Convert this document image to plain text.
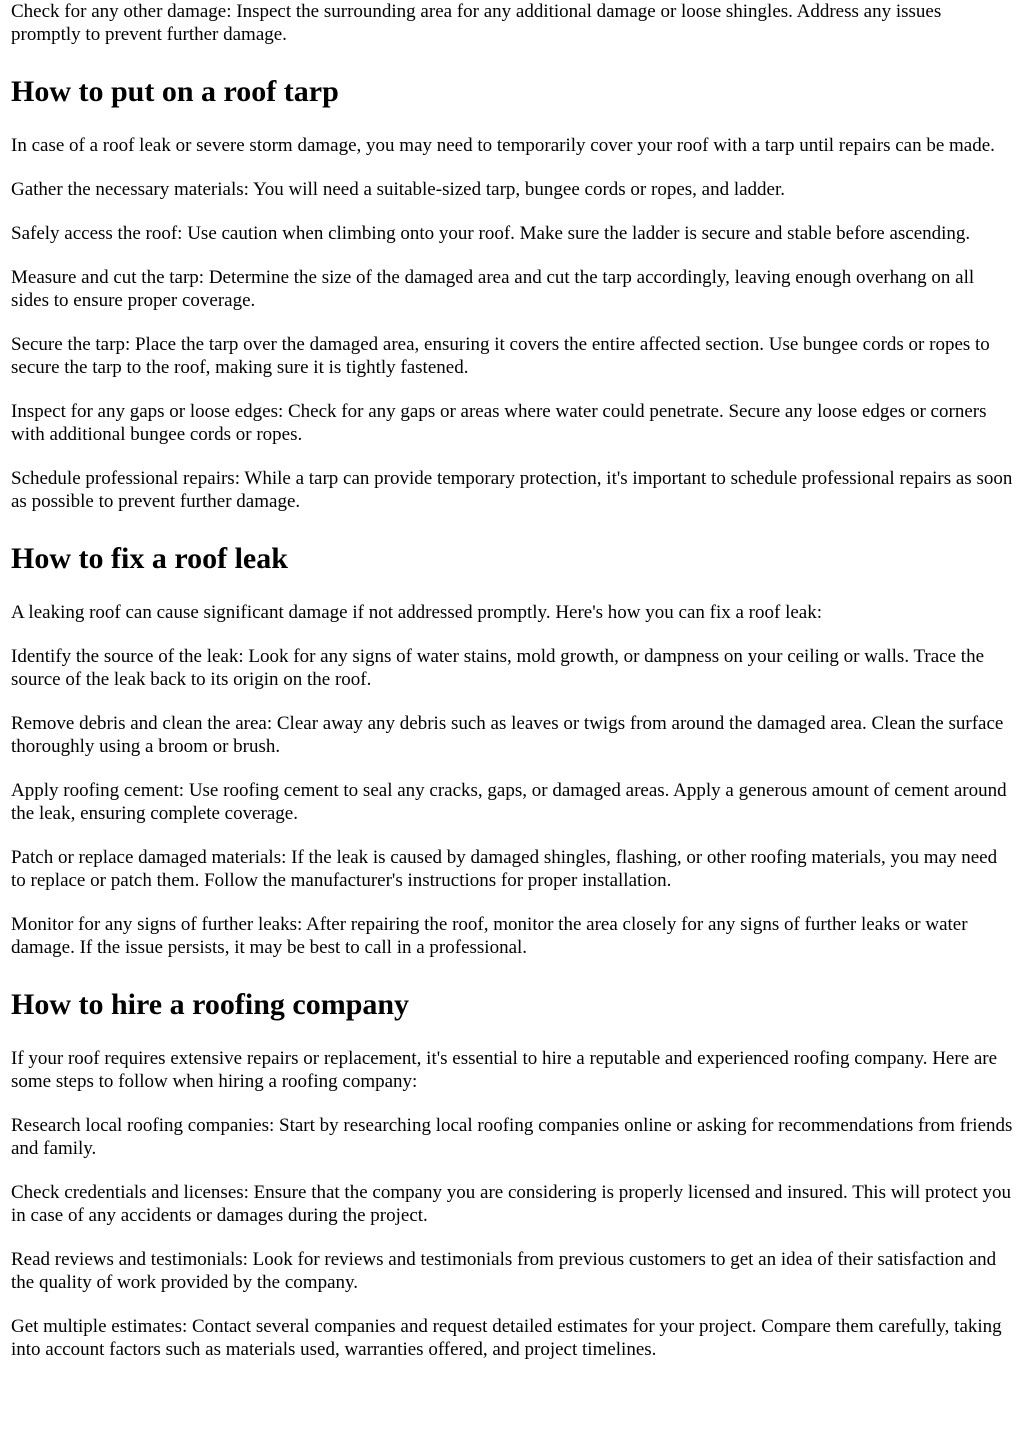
Check for any other damage: Inspect the surrounding area for any additional damage or loose shingles. Address any issues promptly to prevent further damage.

How to put on a roof tarp

In case of a roof leak or severe storm damage, you may need to temporarily cover your roof with a tarp until repairs can be made.

Gather the necessary materials: You will need a suitable-sized tarp, bungee cords or ropes, and ladder.

Safely access the roof: Use caution when climbing onto your roof. Make sure the ladder is secure and stable before ascending.

Measure and cut the tarp: Determine the size of the damaged area and cut the tarp accordingly, leaving enough overhang on all sides to ensure proper coverage.

Secure the tarp: Place the tarp over the damaged area, ensuring it covers the entire affected section. Use bungee cords or ropes to secure the tarp to the roof, making sure it is tightly fastened.

Inspect for any gaps or loose edges: Check for any gaps or areas where water could penetrate. Secure any loose edges or corners with additional bungee cords or ropes.

Schedule professional repairs: While a tarp can provide temporary protection, it's important to schedule professional repairs as soon as possible to prevent further damage.

How to fix a roof leak

A leaking roof can cause significant damage if not addressed promptly. Here's how you can fix a roof leak:

Identify the source of the leak: Look for any signs of water stains, mold growth, or dampness on your ceiling or walls. Trace the source of the leak back to its origin on the roof.

Remove debris and clean the area: Clear away any debris such as leaves or twigs from around the damaged area. Clean the surface thoroughly using a broom or brush.

Apply roofing cement: Use roofing cement to seal any cracks, gaps, or damaged areas. Apply a generous amount of cement around the leak, ensuring complete coverage.

Patch or replace damaged materials: If the leak is caused by damaged shingles, flashing, or other roofing materials, you may need to replace or patch them. Follow the manufacturer's instructions for proper installation.

Monitor for any signs of further leaks: After repairing the roof, monitor the area closely for any signs of further leaks or water damage. If the issue persists, it may be best to call in a professional.

How to hire a roofing company

If your roof requires extensive repairs or replacement, it's essential to hire a reputable and experienced roofing company. Here are some steps to follow when hiring a roofing company:

Research local roofing companies: Start by researching local roofing companies online or asking for recommendations from friends and family.

Check credentials and licenses: Ensure that the company you are considering is properly licensed and insured. This will protect you in case of any accidents or damages during the project.

Read reviews and testimonials: Look for reviews and testimonials from previous customers to get an idea of their satisfaction and the quality of work provided by the company.

Get multiple estimates: Contact several companies and request detailed estimates for your project. Compare them carefully, taking into account factors such as materials used, warranties offered, and project timelines.
